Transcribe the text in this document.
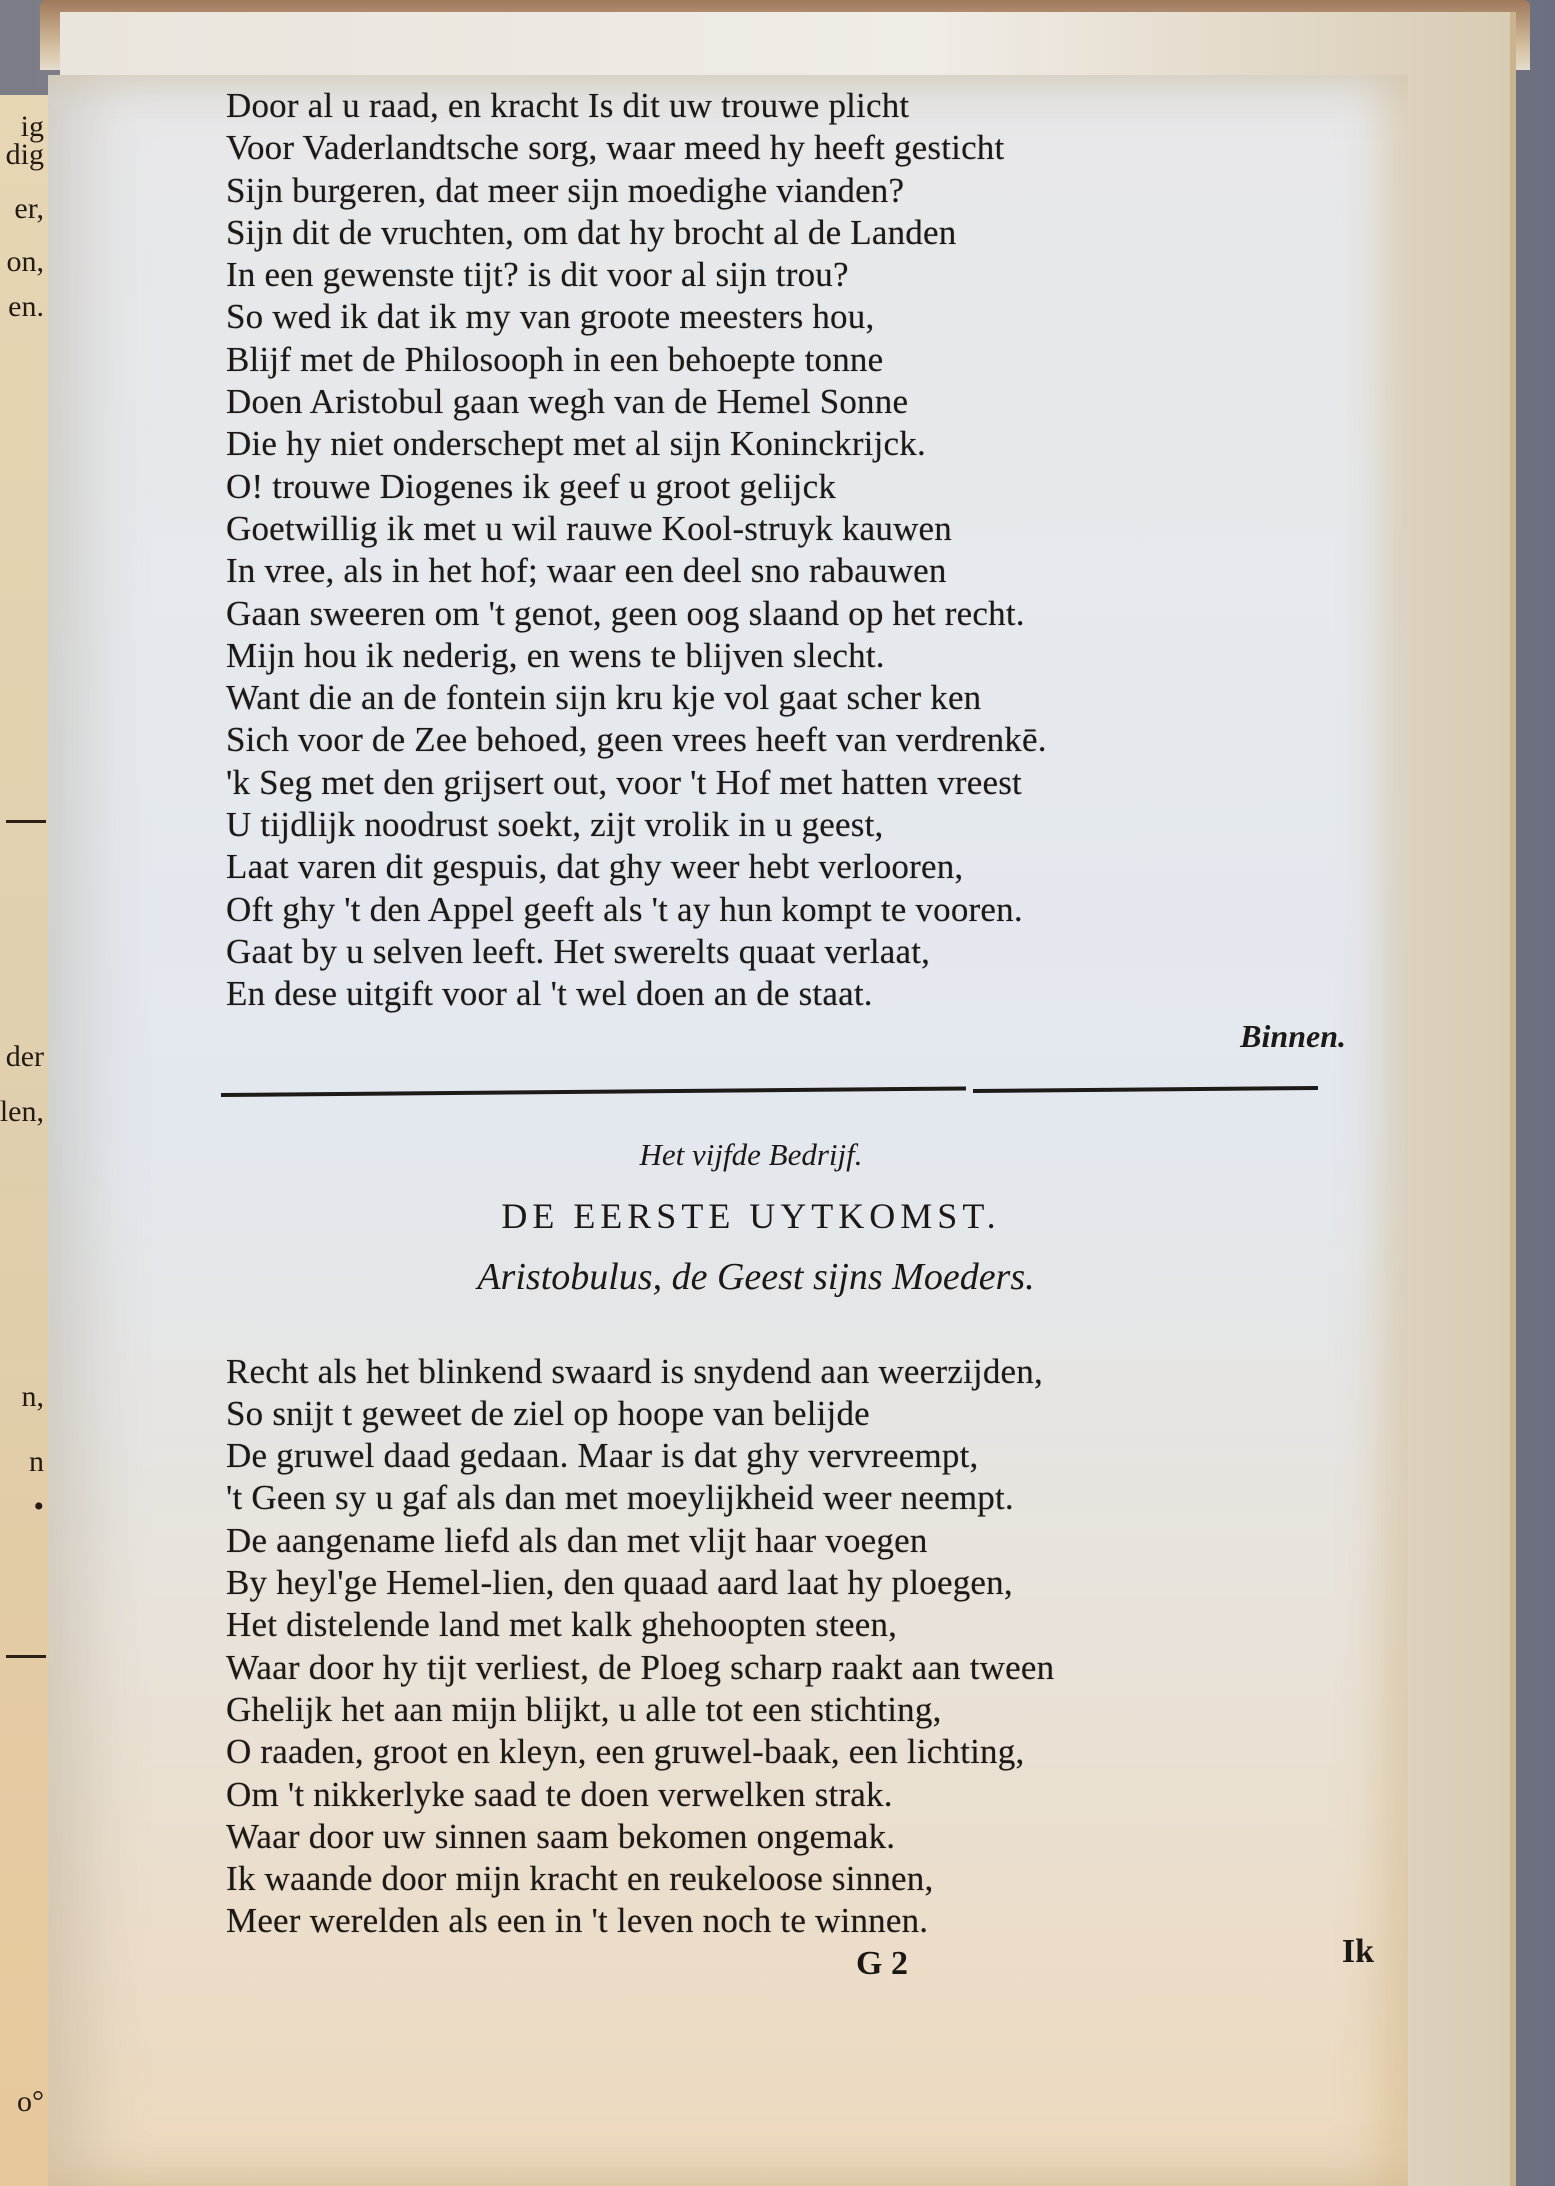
ig
dig
er,
on,
en.
der
len,
n,
n
•
o°
Door al u raad, en kracht Is dit uw trouwe plicht
Voor Vaderlandtsche sorg, waar meed hy heeft gesticht
Sijn burgeren, dat meer sijn moedighe vianden?
Sijn dit de vruchten, om dat hy brocht al de Landen
In een gewenste tijt? is dit voor al sijn trou?
So wed ik dat ik my van groote meesters hou,
Blijf met de Philosooph in een behoepte tonne
Doen Aristobul gaan wegh van de Hemel Sonne
Die hy niet onderschept met al sijn Koninckrijck.
O! trouwe Diogenes ik geef u groot gelijck
Goetwillig ik met u wil rauwe Kool-struyk kauwen
In vree, als in het hof; waar een deel sno rabauwen
Gaan sweeren om 't genot, geen oog slaand op het recht.
Mijn hou ik nederig, en wens te blijven slecht.
Want die an de fontein sijn kru kje vol gaat scher ken
Sich voor de Zee behoed, geen vrees heeft van verdrenkē.
'k Seg met den grijsert out, voor 't Hof met hatten vreest
U tijdlijk noodrust soekt, zijt vrolik in u geest,
Laat varen dit gespuis, dat ghy weer hebt verlooren,
Oft ghy 't den Appel geeft als 't ay hun kompt te vooren.
Gaat by u selven leeft. Het swerelts quaat verlaat,
En dese uitgift voor al 't wel doen an de staat.
Binnen.
Het vijfde Bedrijf.
DE EERSTE UYTKOMST.
Aristobulus, de Geest sijns Moeders.
Recht als het blinkend swaard is snydend aan weerzijden,
So snijt t geweet de ziel op hoope van belijde
De gruwel daad gedaan. Maar is dat ghy vervreempt,
't Geen sy u gaf als dan met moeylijkheid weer neempt.
De aangename liefd als dan met vlijt haar voegen
By heyl'ge Hemel-lien, den quaad aard laat hy ploegen,
Het distelende land met kalk ghehoopten steen,
Waar door hy tijt verliest, de Ploeg scharp raakt aan tween
Ghelijk het aan mijn blijkt, u alle tot een stichting,
O raaden, groot en kleyn, een gruwel-baak, een lichting,
Om 't nikkerlyke saad te doen verwelken strak.
Waar door uw sinnen saam bekomen ongemak.
Ik waande door mijn kracht en reukeloose sinnen,
Meer werelden als een in 't leven noch te winnen.
G 2	Ik
